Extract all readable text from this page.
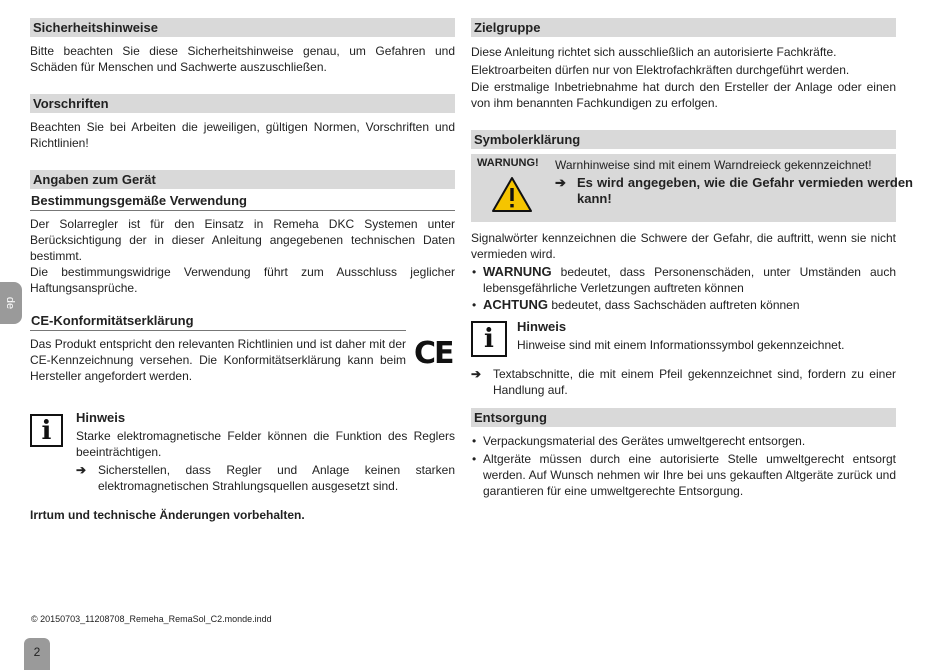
Sicherheitshinweise

Bitte beachten Sie diese Sicherheitshinweise genau, um Gefahren und Schäden für Menschen und Sachwerte auszuschließen.

Vorschriften

Beachten Sie bei Arbeiten die jeweiligen, gültigen Normen, Vorschriften und Richtlinien!

Angaben zum Gerät
Bestimmungsgemäße Verwendung

Der Solarregler ist für den Einsatz in Remeha DKC Systemen unter Berücksichtigung der in dieser Anleitung angegebenen technischen Daten bestimmt.

Die bestimmungswidrige Verwendung führt zum Ausschluss jeglicher Haftungsansprüche.

CE-Konformitätserklärung

Das Produkt entspricht den relevanten Richtlinien und ist daher mit der CE-Kennzeichnung versehen. Die Konformitätserklärung kann beim Hersteller angefordert werden.

CE
i	Hinweis

Starke elektromagnetische Felder können die Funktion des Reglers beeinträchtigen.

➔ Sicherstellen, dass Regler und Anlage keinen starken elektromagnetischen Strahlungsquellen ausgesetzt sind.
Irrtum und technische Änderungen vorbehalten.
Zielgruppe

Diese Anleitung richtet sich ausschließlich an autorisierte Fachkräfte.

Elektroarbeiten dürfen nur von Elektrofachkräften durchgeführt werden.

Die erstmalige Inbetriebnahme hat durch den Ersteller der Anlage oder einen von ihm benannten Fachkundigen zu erfolgen.

Symbolerklärung
WARNUNG! Warnhinweise sind mit einem Warndreieck gekennzeichnet!
➔ Es wird angegeben, wie die Gefahr vermieden werden kann!

Signalwörter kennzeichnen die Schwere der Gefahr, die auftritt, wenn sie nicht vermieden wird.

• WARNUNG bedeutet, dass Personenschäden, unter Umständen auch lebensgefährliche Verletzungen auftreten können
• ACHTUNG bedeutet, dass Sachschäden auftreten können
i	Hinweis
Hinweise sind mit einem Informationssymbol gekennzeichnet.
➔ Textabschnitte, die mit einem Pfeil gekennzeichnet sind, fordern zu einer Handlung auf.
Entsorgung
• Verpackungsmaterial des Gerätes umweltgerecht entsorgen.
• Altgeräte müssen durch eine autorisierte Stelle umweltgerecht entsorgt werden. Auf Wunsch nehmen wir Ihre bei uns gekauften Altgeräte zurück und garantieren für eine umweltgerechte Entsorgung.
de
© 20150703_11208708_Remeha_RemaSol_C2.monde.indd
2
